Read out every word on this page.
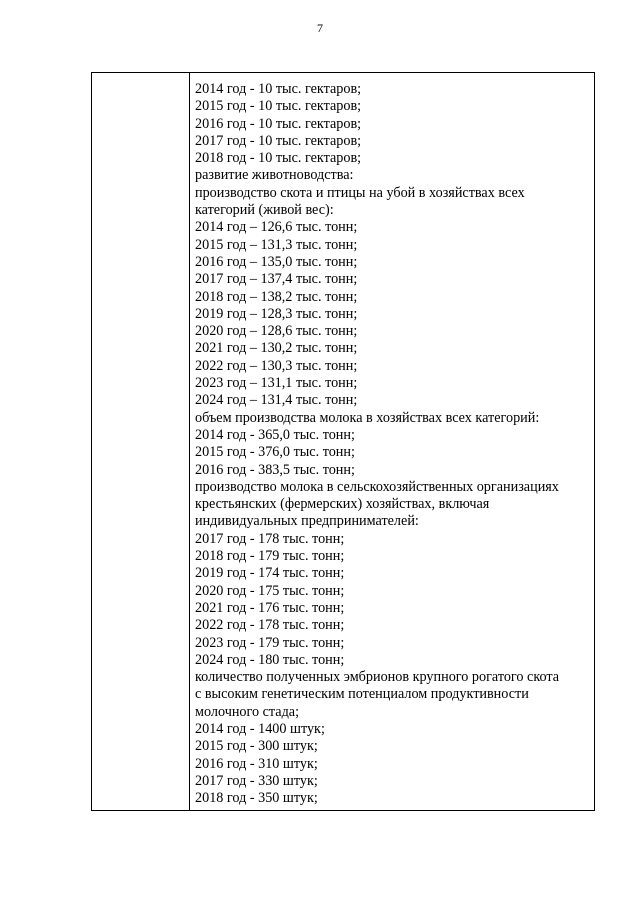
7
2014 год - 10 тыс. гектаров;
2015 год - 10 тыс. гектаров;
2016 год - 10 тыс. гектаров;
2017 год - 10 тыс. гектаров;
2018 год - 10 тыс. гектаров;
развитие животноводства:
производство скота и птицы на убой в хозяйствах всех
категорий (живой вес):
2014 год – 126,6 тыс. тонн;
2015 год – 131,3 тыс. тонн;
2016 год – 135,0 тыс. тонн;
2017 год – 137,4 тыс. тонн;
2018 год – 138,2 тыс. тонн;
2019 год – 128,3 тыс. тонн;
2020 год – 128,6 тыс. тонн;
2021 год – 130,2 тыс. тонн;
2022 год – 130,3 тыс. тонн;
2023 год – 131,1 тыс. тонн;
2024 год – 131,4 тыс. тонн;
объем производства молока в хозяйствах всех категорий:
2014 год - 365,0 тыс. тонн;
2015 год - 376,0 тыс. тонн;
2016 год - 383,5 тыс. тонн;
производство молока в сельскохозяйственных организациях
крестьянских (фермерских) хозяйствах, включая
индивидуальных предпринимателей:
2017 год - 178 тыс. тонн;
2018 год - 179 тыс. тонн;
2019 год - 174 тыс. тонн;
2020 год - 175 тыс. тонн;
2021 год - 176 тыс. тонн;
2022 год - 178 тыс. тонн;
2023 год - 179 тыс. тонн;
2024 год - 180 тыс. тонн;
количество полученных эмбрионов крупного рогатого скота
с высоким генетическим потенциалом продуктивности
молочного стада;
2014 год - 1400 штук;
2015 год - 300 штук;
2016 год - 310 штук;
2017 год - 330 штук;
2018 год - 350 штук;
